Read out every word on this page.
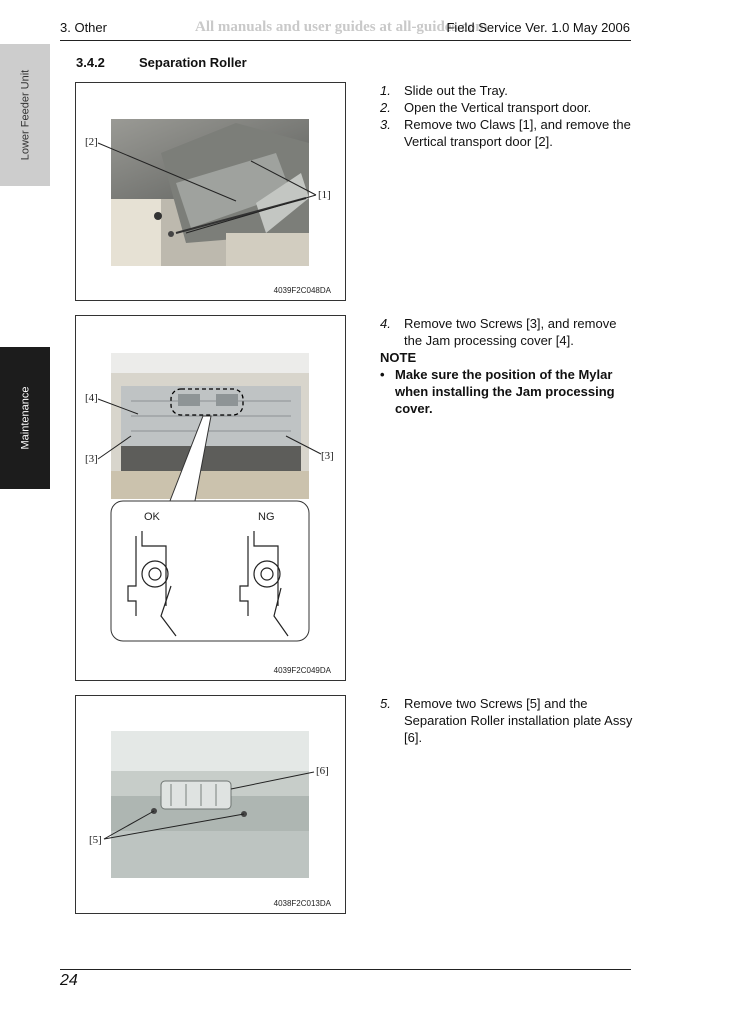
3. Other	All manuals and user guides at all-guides.com
Field Service Ver. 1.0 May 2006
Lower Feeder Unit
Maintenance
3.4.2	Separation Roller
[2]
[1]
4039F2C048DA
[4]
[3]	[3]
OK	NG
4039F2C049DA
[6]
[5]
4038F2C013DA
1.	Slide out the Tray.
2.	Open the Vertical transport door.
3.	Remove two Claws [1], and remove the Vertical transport door [2].
4.	Remove two Screws [3], and remove the Jam processing cover [4].
NOTE
• Make sure the position of the Mylar when installing the Jam processing cover.
5.	Remove two Screws [5] and the Separation Roller installation plate Assy [6].
24
